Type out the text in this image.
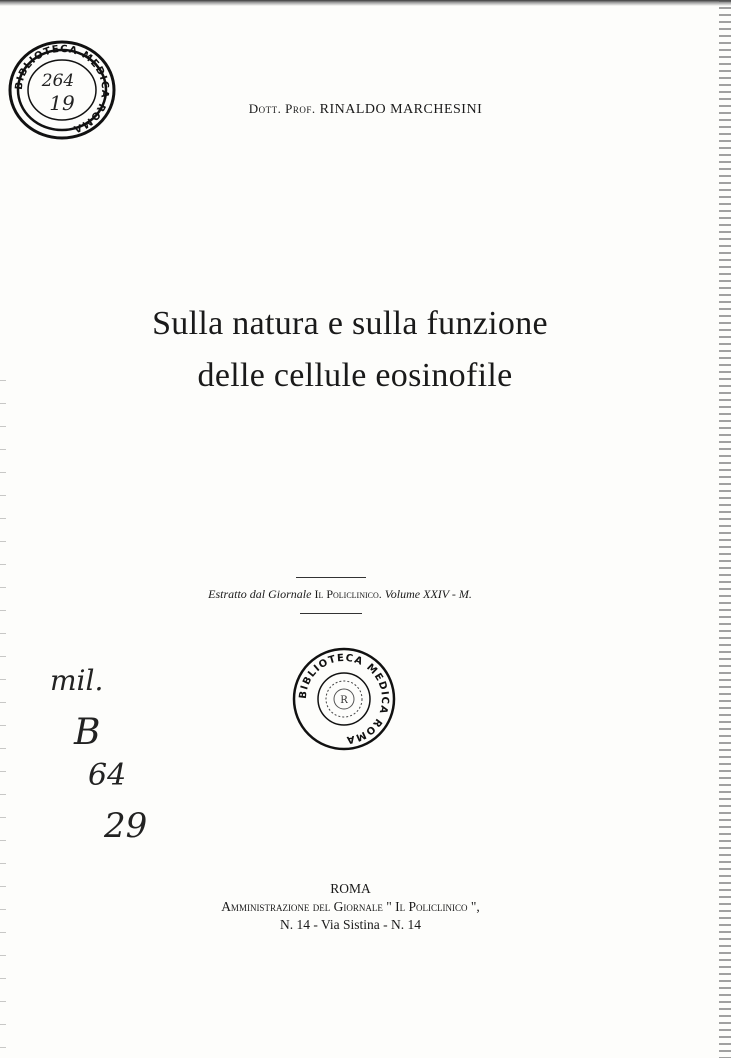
BIBLIOTECA MEDICA ROMA
264
19	Dott. Prof. RINALDO MARCHESINI
Sulla natura e sulla funzione
delle cellule eosinofile
Estratto dal Giornale Il Policlinico. Volume XXIV - M.
BIBLIOTECA MEDICA ROMA
R
mil.
B
64
29
ROMA
Amministrazione del Giornale " Il Policlinico ",
N. 14 - Via Sistina - N. 14
